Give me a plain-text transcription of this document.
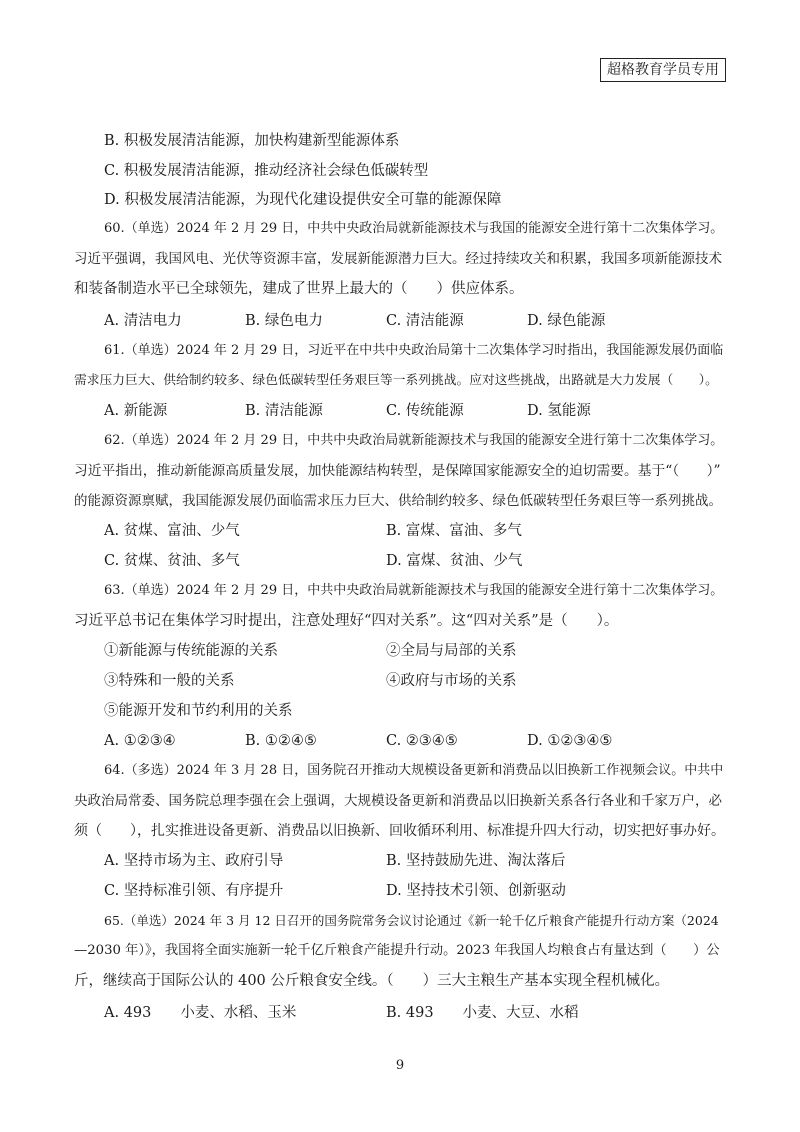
超格教育学员专用
B. 积极发展清洁能源，加快构建新型能源体系
C. 积极发展清洁能源，推动经济社会绿色低碳转型
D. 积极发展清洁能源，为现代化建设提供安全可靠的能源保障
60.（单选）2024 年 2 月 29 日，中共中央政治局就新能源技术与我国的能源安全进行第十二次集体学习。
习近平强调，我国风电、光伏等资源丰富，发展新能源潜力巨大。经过持续攻关和积累，我国多项新能源技术
和装备制造水平已全球领先，建成了世界上最大的（　　）供应体系。
A. 清洁电力	B. 绿色电力	C. 清洁能源	D. 绿色能源
61.（单选）2024 年 2 月 29 日，习近平在中共中央政治局第十二次集体学习时指出，我国能源发展仍面临
需求压力巨大、供给制约较多、绿色低碳转型任务艰巨等一系列挑战。应对这些挑战，出路就是大力发展（　　）。
A. 新能源	B. 清洁能源	C. 传统能源	D. 氢能源
62.（单选）2024 年 2 月 29 日，中共中央政治局就新能源技术与我国的能源安全进行第十二次集体学习。
习近平指出，推动新能源高质量发展，加快能源结构转型，是保障国家能源安全的迫切需要。基于“（　　）”
的能源资源禀赋，我国能源发展仍面临需求压力巨大、供给制约较多、绿色低碳转型任务艰巨等一系列挑战。
A. 贫煤、富油、少气	B. 富煤、富油、多气
C. 贫煤、贫油、多气	D. 富煤、贫油、少气
63.（单选）2024 年 2 月 29 日，中共中央政治局就新能源技术与我国的能源安全进行第十二次集体学习。
习近平总书记在集体学习时提出，注意处理好“四对关系”。这“四对关系”是（　　）。
①新能源与传统能源的关系	②全局与局部的关系
③特殊和一般的关系	④政府与市场的关系
⑤能源开发和节约利用的关系
A. ①②③④	B. ①②④⑤	C. ②③④⑤	D. ①②③④⑤
64.（多选）2024 年 3 月 28 日，国务院召开推动大规模设备更新和消费品以旧换新工作视频会议。中共中
央政治局常委、国务院总理李强在会上强调，大规模设备更新和消费品以旧换新关系各行各业和千家万户，必
须（　　），扎实推进设备更新、消费品以旧换新、回收循环利用、标准提升四大行动，切实把好事办好。
A. 坚持市场为主、政府引导	B. 坚持鼓励先进、淘汰落后
C. 坚持标准引领、有序提升	D. 坚持技术引领、创新驱动
65.（单选）2024 年 3 月 12 日召开的国务院常务会议讨论通过《新一轮千亿斤粮食产能提升行动方案（2024
—2030 年）》，我国将全面实施新一轮千亿斤粮食产能提升行动。2023 年我国人均粮食占有量达到（　　）公
斤，继续高于国际公认的 400 公斤粮食安全线。（　　）三大主粮生产基本实现全程机械化。
A. 493　　小麦、水稻、玉米	B. 493　　小麦、大豆、水稻
9
